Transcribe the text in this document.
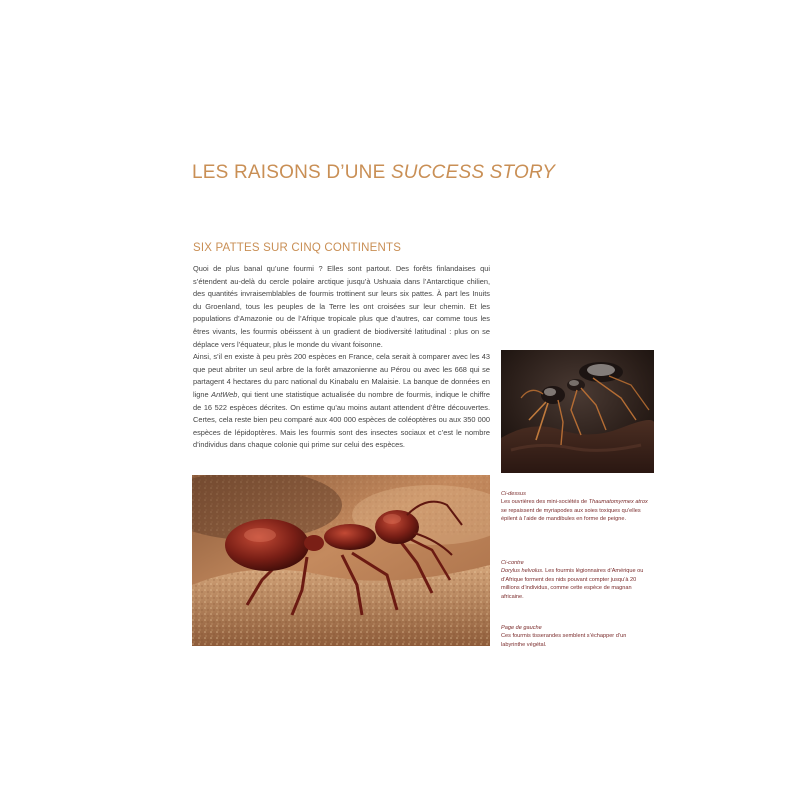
LES RAISONS D’UNE SUCCESS STORY
SIX PATTES SUR CINQ CONTINENTS

Quoi de plus banal qu’une fourmi ? Elles sont partout. Des forêts finlandaises qui s’étendent au-delà du cercle polaire arctique jusqu’à Ushuaia dans l’Antarctique chilien, des quantités invraisemblables de fourmis trottinent sur leurs six pattes. À part les Inuits du Groenland, tous les peuples de la Terre les ont croisées sur leur chemin. Et les populations d’Amazonie ou de l’Afrique tropicale plus que d’autres, car comme tous les êtres vivants, les fourmis obéissent à un gradient de biodiversité latitudinal : plus on se déplace vers l’équateur, plus le monde du vivant foisonne.

Ainsi, s’il en existe à peu près 200 espèces en France, cela serait à comparer avec les 43 que peut abriter un seul arbre de la forêt amazonienne au Pérou ou avec les 668 qui se partagent 4 hectares du parc national du Kinabalu en Malaisie. La banque de données en ligne AntWeb, qui tient une statistique actualisée du nombre de fourmis, indique le chiffre de 16 522 espèces décrites. On estime qu’au moins autant attendent d’être découvertes. Certes, cela reste bien peu comparé aux 400 000 espèces de coléoptères ou aux 350 000 espèces de lépidoptères. Mais les fourmis sont des insectes sociaux et c’est le nombre d’individus dans chaque colonie qui prime sur celui des espèces.

Ci-dessus
Les ouvrières des mini-sociétés de Thaumatomyrmex atrox se repaissent de myriapodes aux soies toxiques qu’elles épilent à l’aide de mandibules en forme de peigne.
Ci-contre
Dorylus helvolus. Les fourmis légionnaires d’Amérique ou d’Afrique forment des nids pouvant compter jusqu’à 20 millions d’individus, comme cette espèce de magnan africaine.
Page de gauche
Ces fourmis tisserandes semblent s’échapper d’un labyrinthe végétal.
